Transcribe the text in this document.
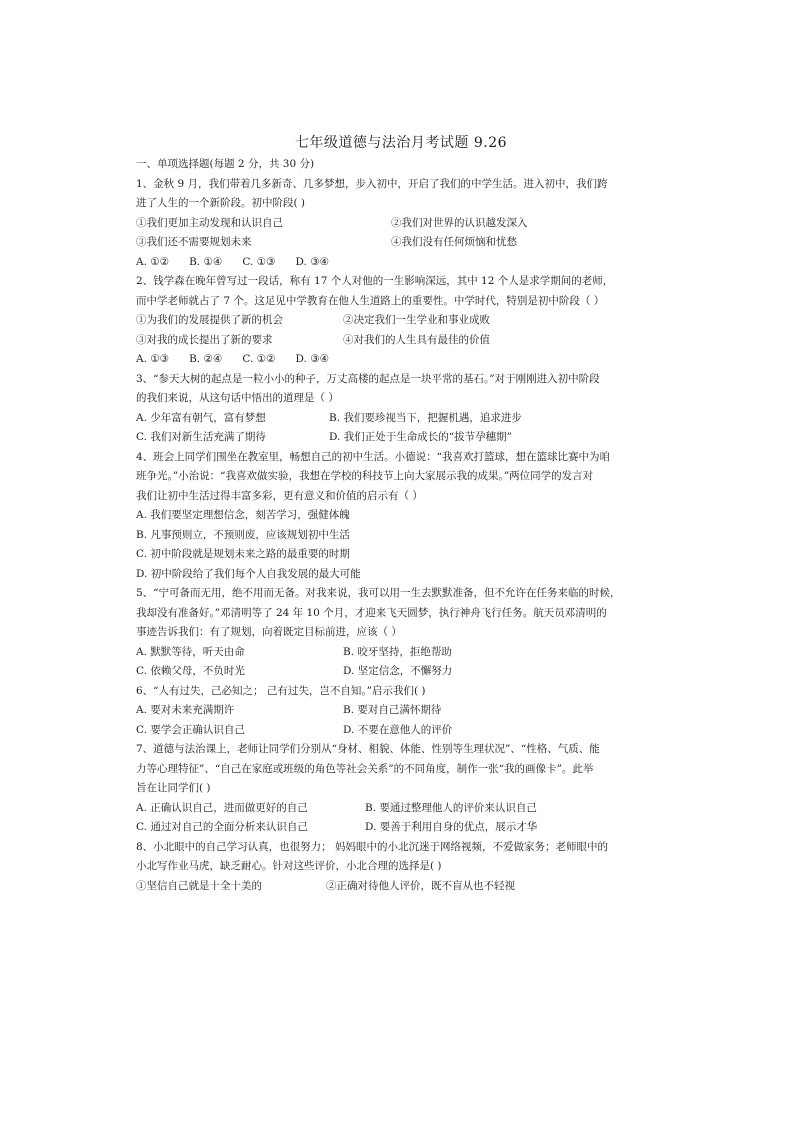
七年级道德与法治月考试题 9.26
一、单项选择题(每题 2 分，共 30 分)
1、金秋 9 月，我们带着几多新奇、几多梦想，步入初中，开启了我们的中学生活。进入初中，我们跨
进了人生的一个新阶段。初中阶段( )
①我们更加主动发现和认识自己	②我们对世界的认识越发深入
③我们还不需要规划未来	④我们没有任何烦恼和忧愁
A. ①② B. ①④ C. ①③ D. ③④
2、钱学森在晚年曾写过一段话，称有 17 个人对他的一生影响深远，其中 12 个人是求学期间的老师，
而中学老师就占了 7 个。这足见中学教育在他人生道路上的重要性。中学时代，特别是初中阶段（ ）
①为我们的发展提供了新的机会	②决定我们一生学业和事业成败
③对我的成长提出了新的要求	④对我们的人生具有最佳的价值
A. ①③ B. ②④ C. ①② D. ③④
3、“参天大树的起点是一粒小小的种子，万丈高楼的起点是一块平常的基石。”对于刚刚进入初中阶段
的我们来说，从这句话中悟出的道理是（ ）
A. 少年富有朝气，富有梦想	B. 我们要珍视当下，把握机遇，追求进步
C. 我们对新生活充满了期待	D. 我们正处于生命成长的“拔节孕穗期”
4、班会上同学们围坐在教室里，畅想自己的初中生活。小德说：“我喜欢打篮球，想在篮球比赛中为咱
班争光。”小治说：“我喜欢做实验，我想在学校的科技节上向大家展示我的成果。”两位同学的发言对
我们让初中生活过得丰富多彩，更有意义和价值的启示有（ ）
A. 我们要坚定理想信念，刻苦学习，强健体魄
B. 凡事预则立，不预则废，应该规划初中生活
C. 初中阶段就是规划未来之路的最重要的时期
D. 初中阶段给了我们每个人自我发展的最大可能
5、“宁可备而无用，绝不用而无备。对我来说，我可以用一生去默默准备，但不允许在任务来临的时候，
我却没有准备好。”邓清明等了 24 年 10 个月，才迎来飞天圆梦，执行神舟飞行任务。航天员邓清明的
事迹告诉我们：有了规划，向着既定目标前进，应该（ ）
A. 默默等待，听天由命	B. 咬牙坚持，拒绝帮助
C. 依赖父母，不负时光	D. 坚定信念，不懈努力
6、“人有过失，己必知之； 己有过失，岂不自知。”启示我们( )
A. 要对未来充满期许	B. 要对自己满怀期待
C. 要学会正确认识自己	D. 不要在意他人的评价
7、道德与法治课上，老师让同学们分别从“身材、相貌、体能、性别等生理状况”、“性格、气质、能
力等心理特征”、“自己在家庭或班级的角色等社会关系”的不同角度，制作一张“我的画像卡”。此举
旨在让同学们( )
A. 正确认识自己，进而做更好的自己	B. 要通过整理他人的评价来认识自己
C. 通过对自己的全面分析来认识自己	D. 要善于利用自身的优点，展示才华
8、小北眼中的自己学习认真，也很努力； 妈妈眼中的小北沉迷于网络视频，不爱做家务；老师眼中的
小北写作业马虎，缺乏耐心。针对这些评价，小北合理的选择是( )
①坚信自己就是十全十美的	②正确对待他人评价，既不盲从也不轻视
